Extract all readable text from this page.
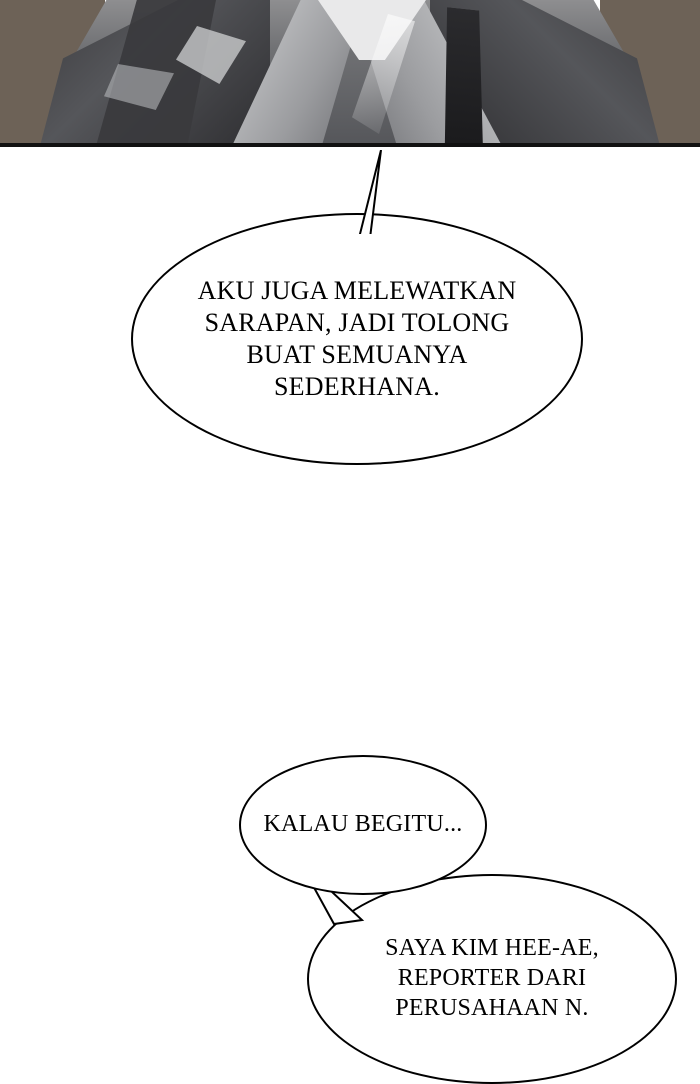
AKU JUGA MELEWATKAN SARAPAN, JADI TOLONG BUAT SEMUANYA SEDERHANA.
SAYA KIM HEE-AE, REPORTER DARI PERUSAHAAN N.
KALAU BEGITU...
